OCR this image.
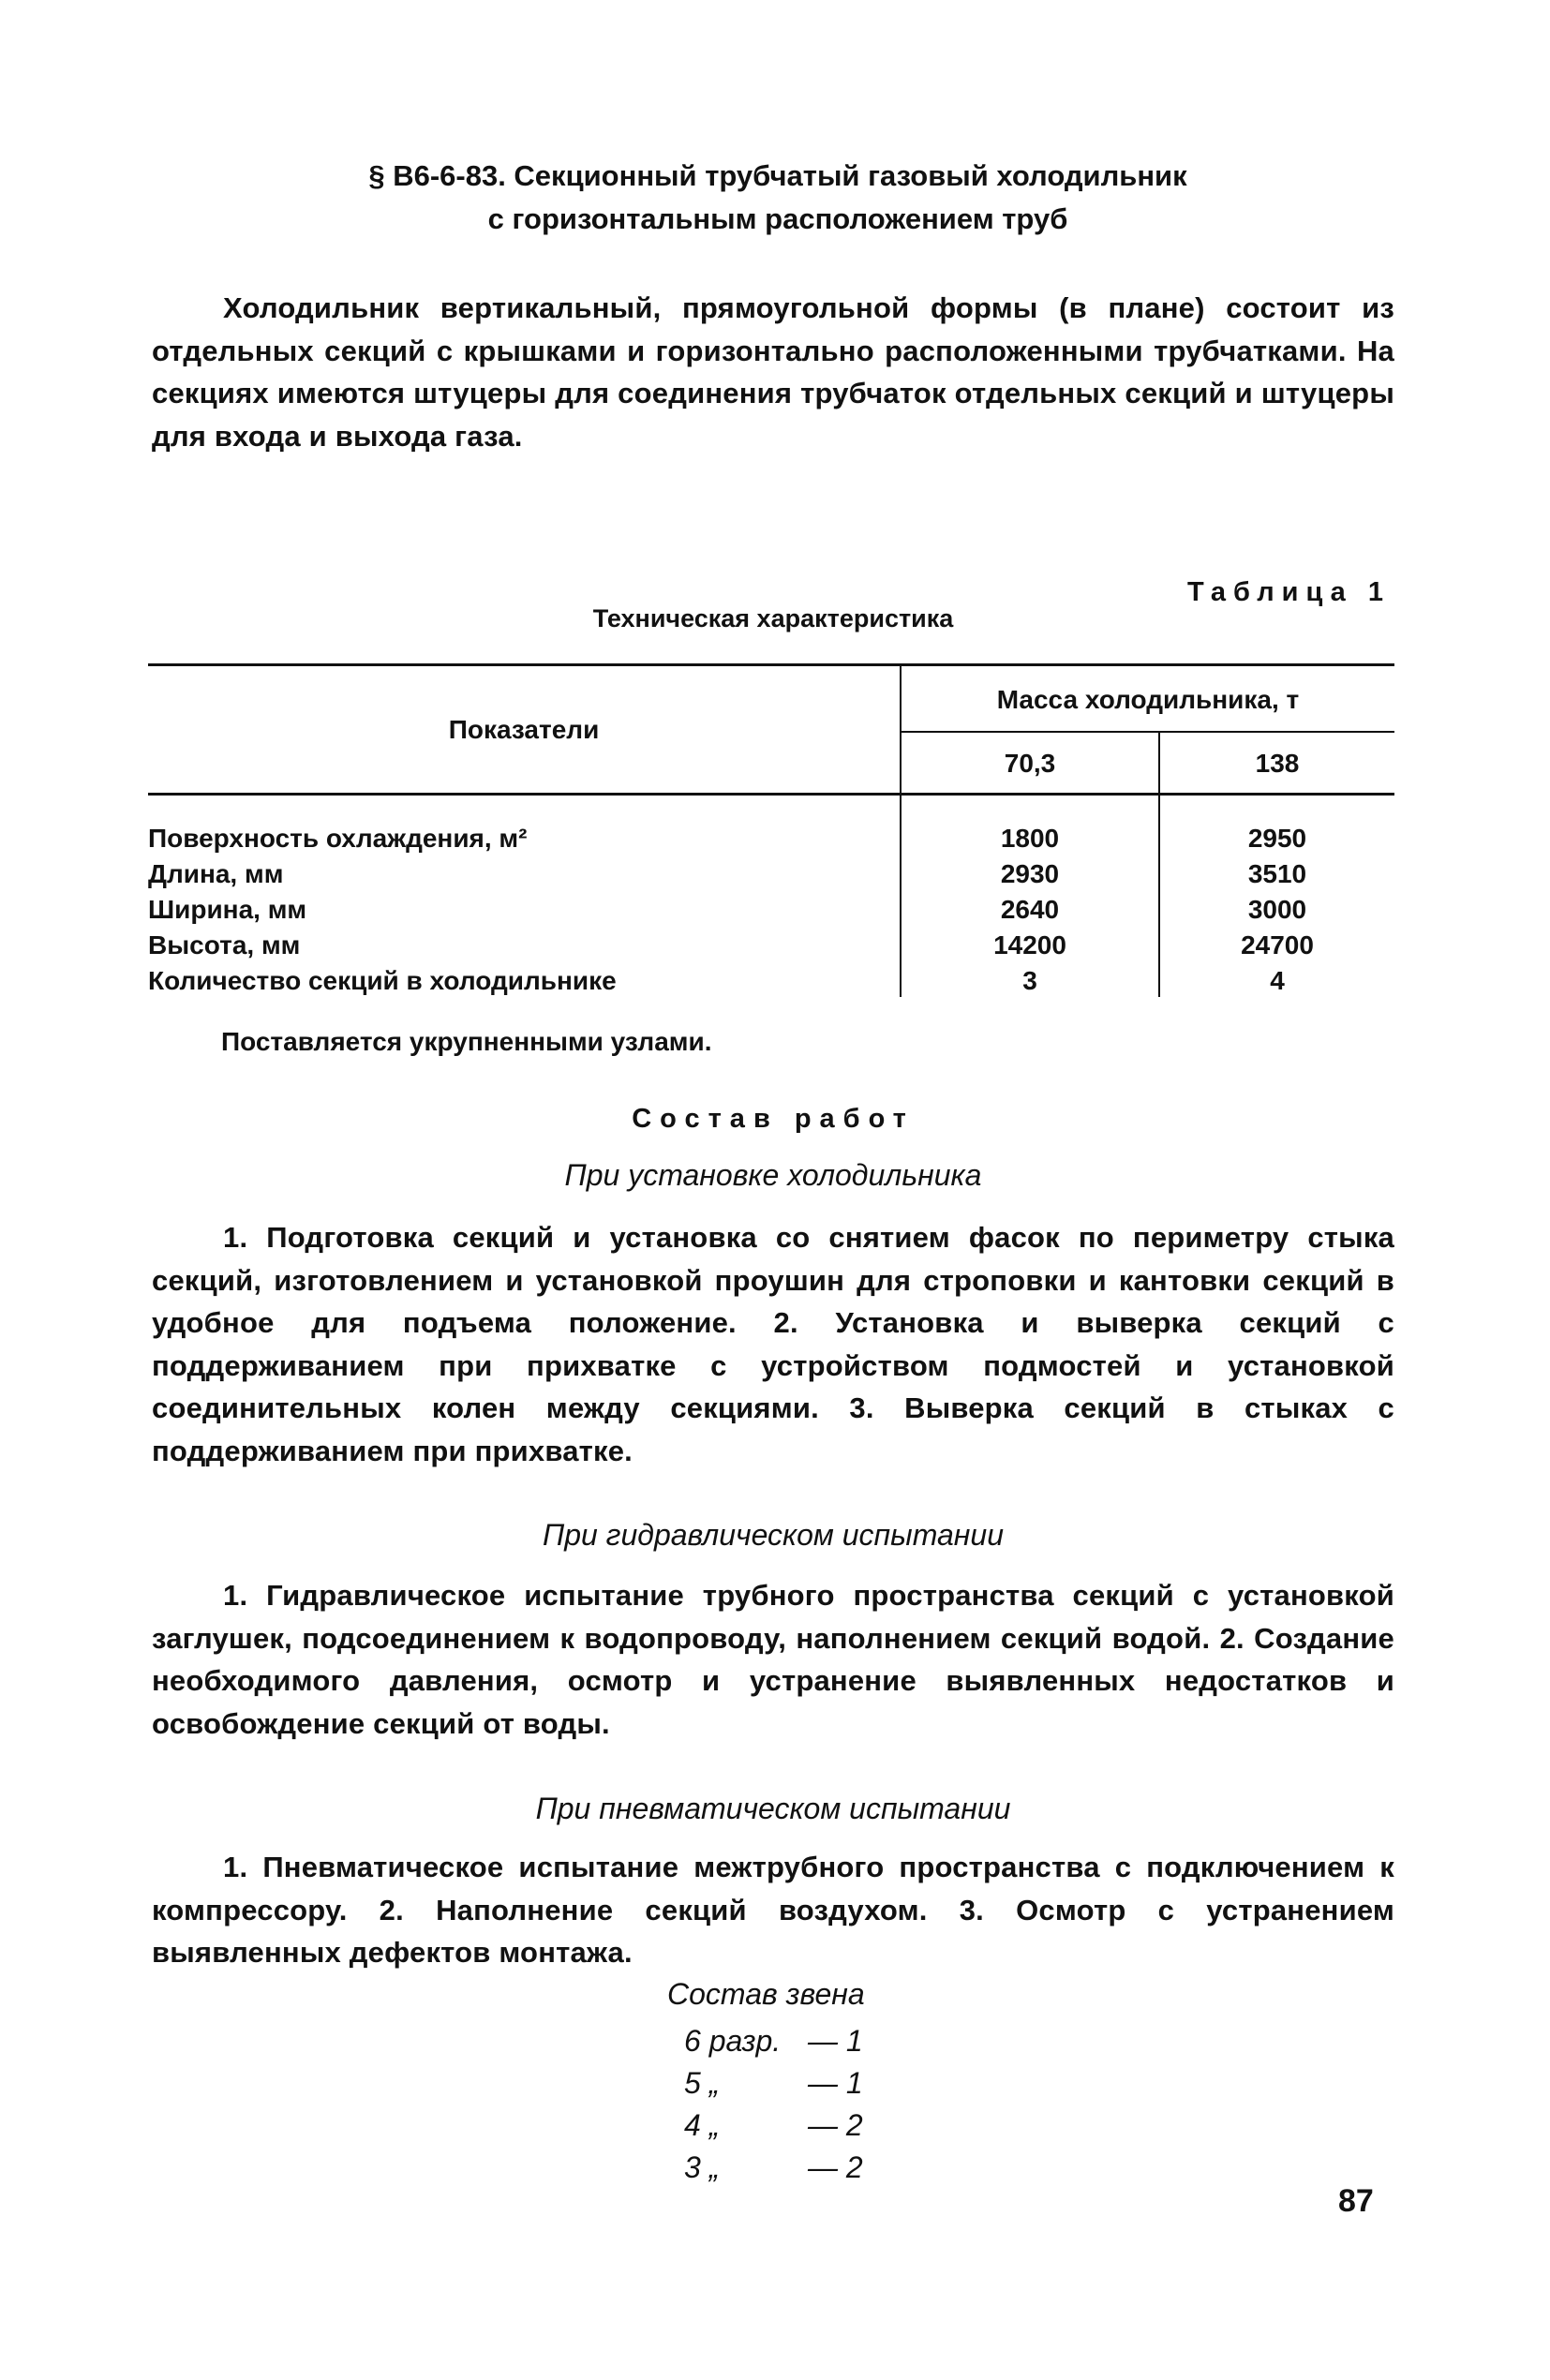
§ В6-6-83. Секционный трубчатый газовый холодильник
с горизонтальным расположением труб
Холодильник вертикальный, прямоугольной формы (в плане) состоит из отдельных секций с крышками и горизонтально расположенными трубчатками. На секциях имеются штуцеры для соединения трубчаток отдельных секций и штуцеры для входа и выхода газа.
Таблица 1
Техническая характеристика
Показатели
Масса холодильника, т
70,3	138
Поверхность охлаждения, м²	1800	2950
Длина, мм	2930	3510
Ширина, мм	2640	3000
Высота, мм	14200	24700
Количество секций в холодильнике	3	4
Поставляется укрупненными узлами.
Состав работ
При установке холодильника
1. Подготовка секций и установка со снятием фасок по периметру стыка секций, изготовлением и установкой проушин для строповки и кантовки секций в удобное для подъема положение. 2. Установка и выверка секций с поддерживанием при прихватке с устройством подмостей и установкой соединительных колен между секциями. 3. Выверка секций в стыках с поддерживанием при прихватке.
При гидравлическом испытании
1. Гидравлическое испытание трубного пространства секций с установкой заглушек, подсоединением к водопроводу, наполнением секций водой. 2. Создание необходимого давления, осмотр и устранение выявленных недостатков и освобождение секций от воды.
При пневматическом испытании
1. Пневматическое испытание межтрубного пространства с подключением к компрессору. 2. Наполнение секций воздухом. 3. Осмотр с устранением выявленных дефектов монтажа.
Состав звена
6 разр. — 1
5 „	— 1
4 „	— 2
3 „	— 2
87
